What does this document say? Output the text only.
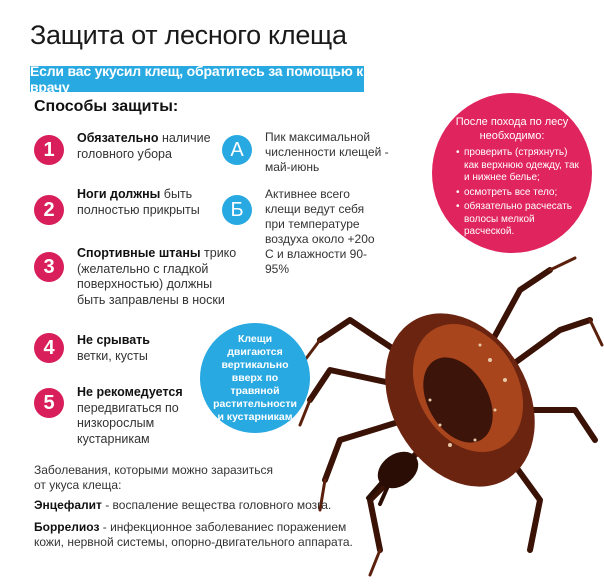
Защита от лесного клеща
Если вас укусил клещ, обратитесь за помощью к врачу
Способы защиты:
1
Обязательно наличие головного убора
2
Ноги должны быть полностью прикрыты
3
Спортивные штаны трико (желательно с гладкой поверхностью) должны быть заправлены в носки
4	Не срывать ветки, кусты
5	Не рекомедуется передвигаться по низкорослым кустарникам
А
Пик максимальной численности клещей - май-июнь
Б
Активнее всего клещи ведут себя при температуре воздуха около +20о С и влажности 90-95%
После похода по лесу необходимо:
• проверить (стряхнуть) как верхнюю одежду, так и нижнее белье;
• осмотреть все тело;
• обязательно расчесать волосы мелкой расческой.
Клещи двигаются вертикально вверх по травяной растительности и кустарникам
Заболевания, которыми можно заразиться от укуса клеща:
Энцефалит - воспаление вещества головного мозга.
Боррелиоз - инфекционное заболеваниес поражением кожи, нервной системы, опорно-двигательного аппарата.
